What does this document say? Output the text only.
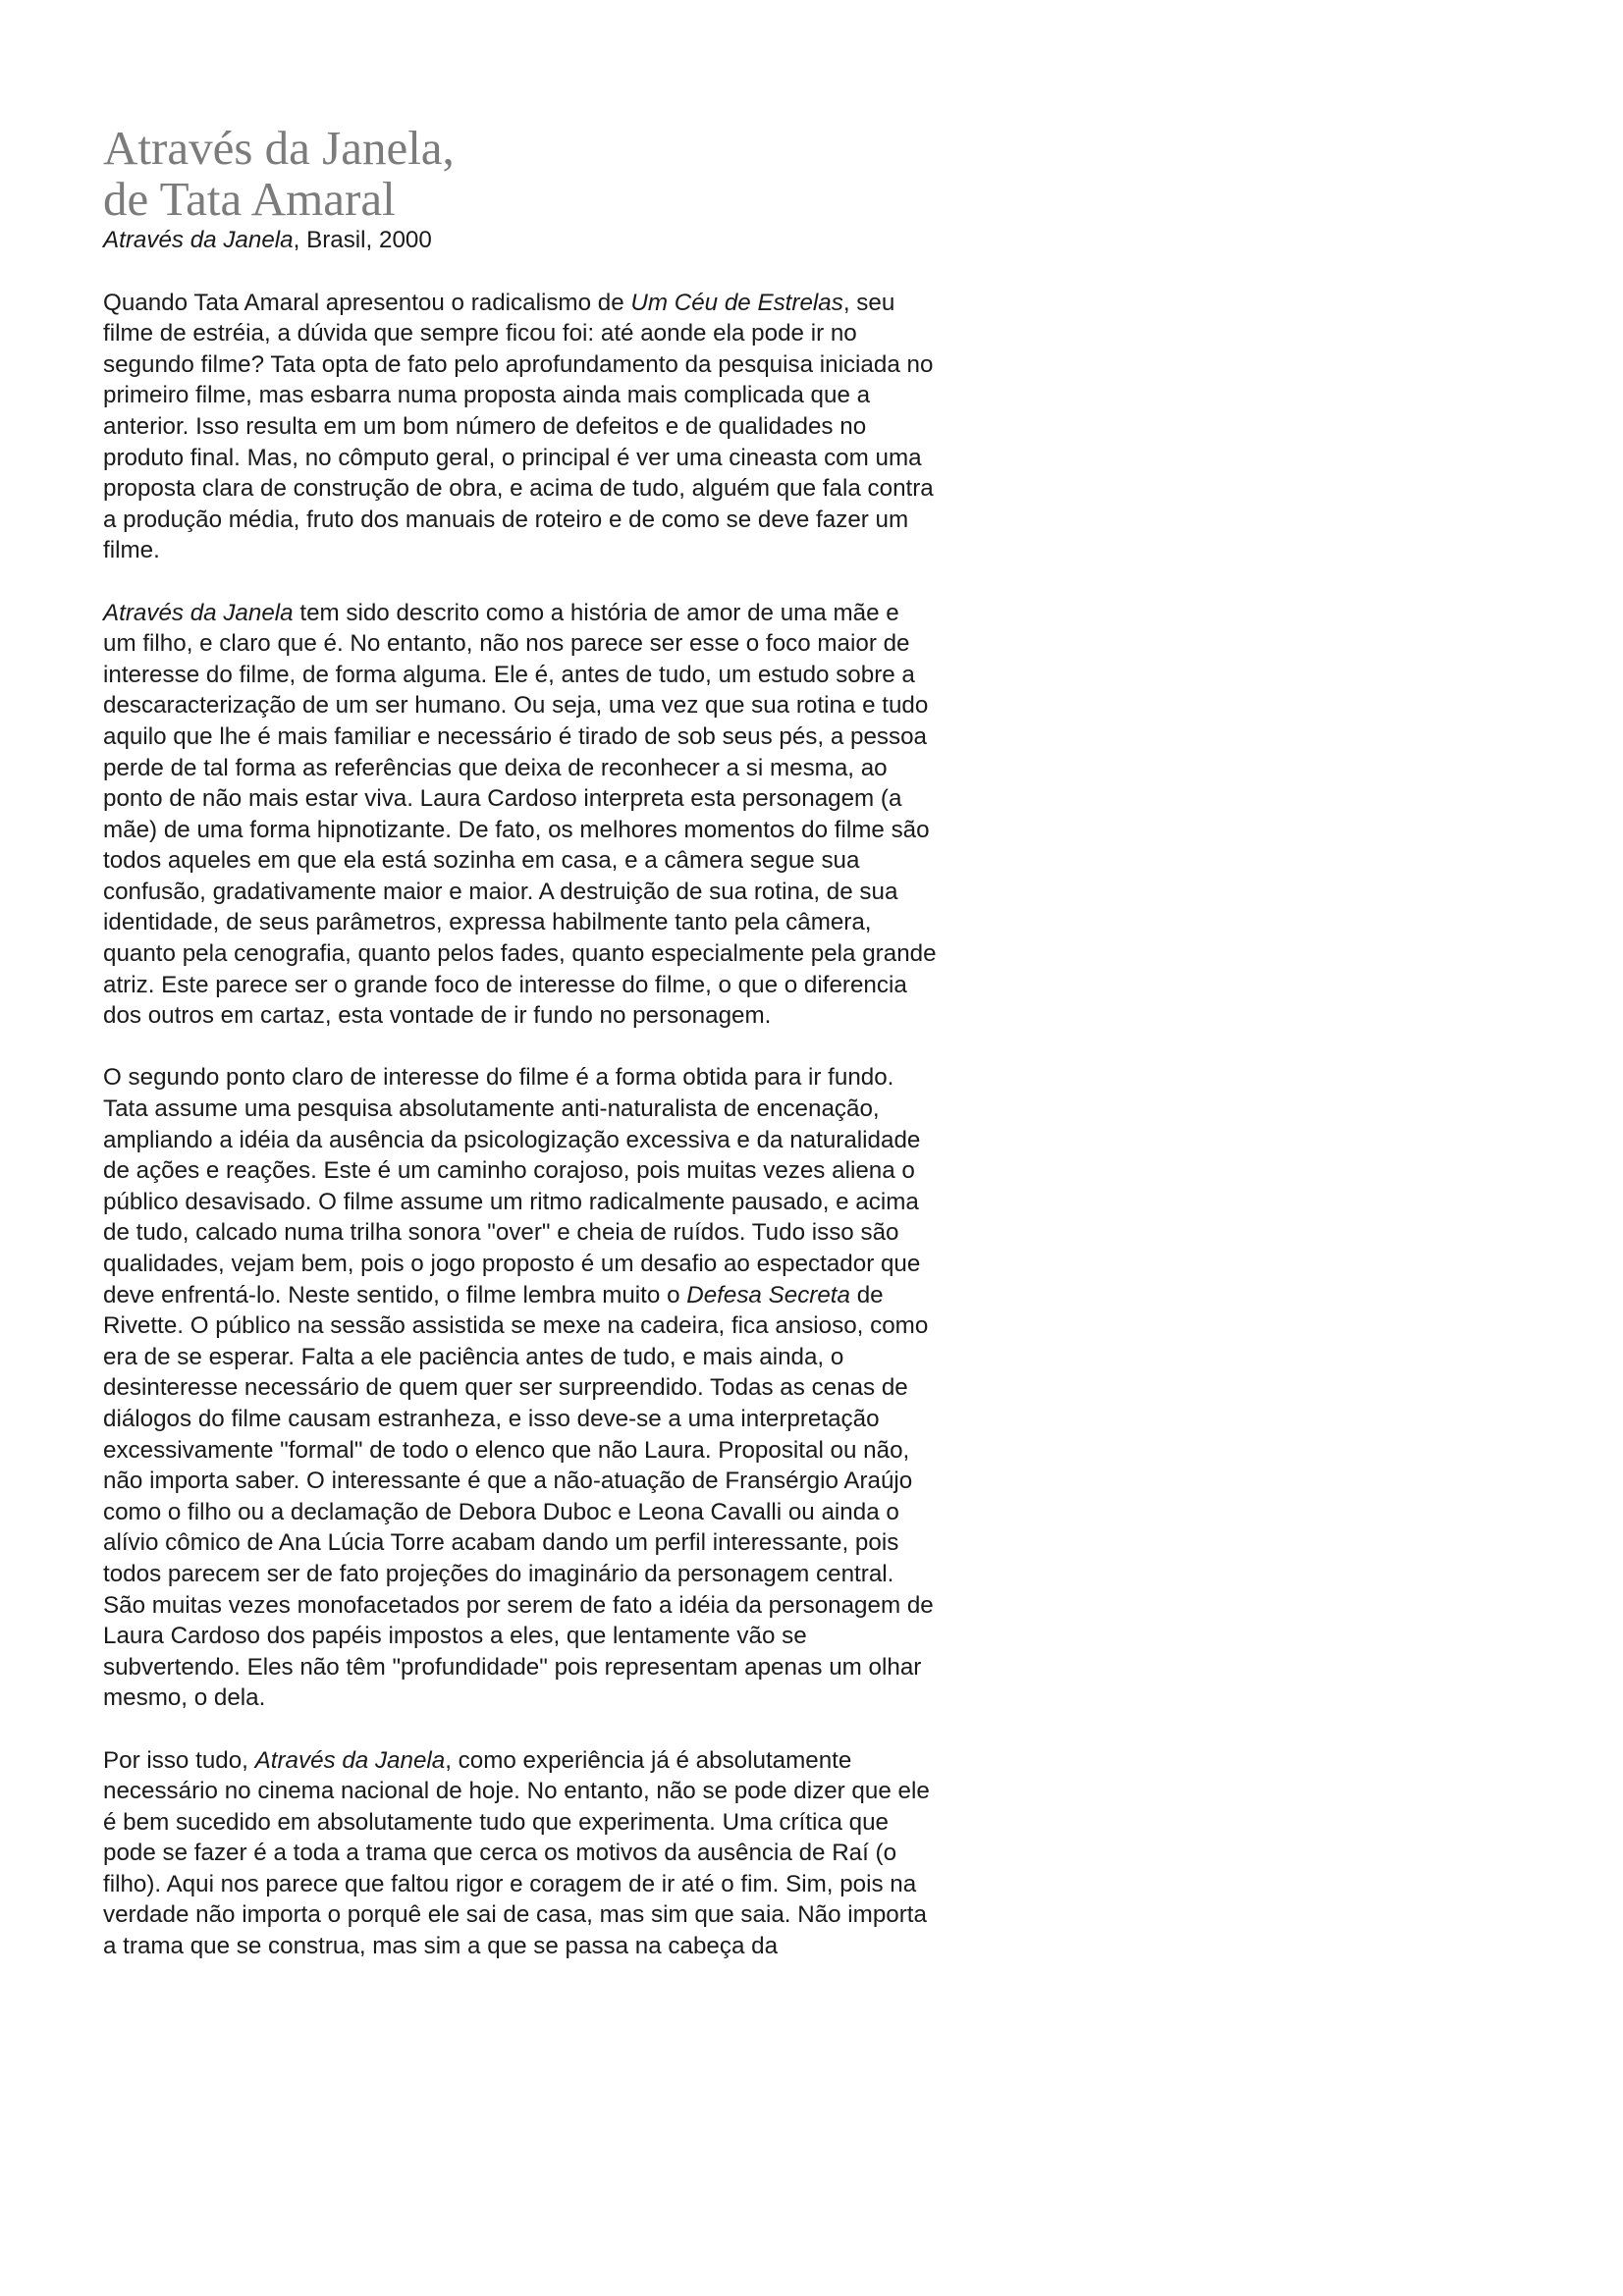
Através da Janela,
de Tata Amaral

Através da Janela, Brasil, 2000

Quando Tata Amaral apresentou o radicalismo de Um Céu de Estrelas, seu filme de estréia, a dúvida que sempre ficou foi: até aonde ela pode ir no segundo filme? Tata opta de fato pelo aprofundamento da pesquisa iniciada no primeiro filme, mas esbarra numa proposta ainda mais complicada que a anterior. Isso resulta em um bom número de defeitos e de qualidades no produto final. Mas, no cômputo geral, o principal é ver uma cineasta com uma proposta clara de construção de obra, e acima de tudo, alguém que fala contra a produção média, fruto dos manuais de roteiro e de como se deve fazer um filme.

Através da Janela tem sido descrito como a história de amor de uma mãe e um filho, e claro que é. No entanto, não nos parece ser esse o foco maior de interesse do filme, de forma alguma. Ele é, antes de tudo, um estudo sobre a descaracterização de um ser humano. Ou seja, uma vez que sua rotina e tudo aquilo que lhe é mais familiar e necessário é tirado de sob seus pés, a pessoa perde de tal forma as referências que deixa de reconhecer a si mesma, ao ponto de não mais estar viva. Laura Cardoso interpreta esta personagem (a mãe) de uma forma hipnotizante. De fato, os melhores momentos do filme são todos aqueles em que ela está sozinha em casa, e a câmera segue sua confusão, gradativamente maior e maior. A destruição de sua rotina, de sua identidade, de seus parâmetros, expressa habilmente tanto pela câmera, quanto pela cenografia, quanto pelos fades, quanto especialmente pela grande atriz. Este parece ser o grande foco de interesse do filme, o que o diferencia dos outros em cartaz, esta vontade de ir fundo no personagem.

O segundo ponto claro de interesse do filme é a forma obtida para ir fundo. Tata assume uma pesquisa absolutamente anti-naturalista de encenação, ampliando a idéia da ausência da psicologização excessiva e da naturalidade de ações e reações. Este é um caminho corajoso, pois muitas vezes aliena o público desavisado. O filme assume um ritmo radicalmente pausado, e acima de tudo, calcado numa trilha sonora "over" e cheia de ruídos. Tudo isso são qualidades, vejam bem, pois o jogo proposto é um desafio ao espectador que deve enfrentá-lo. Neste sentido, o filme lembra muito o Defesa Secreta de Rivette. O público na sessão assistida se mexe na cadeira, fica ansioso, como era de se esperar. Falta a ele paciência antes de tudo, e mais ainda, o desinteresse necessário de quem quer ser surpreendido. Todas as cenas de diálogos do filme causam estranheza, e isso deve-se a uma interpretação excessivamente "formal" de todo o elenco que não Laura. Proposital ou não, não importa saber. O interessante é que a não-atuação de Fransérgio Araújo como o filho ou a declamação de Debora Duboc e Leona Cavalli ou ainda o alívio cômico de Ana Lúcia Torre acabam dando um perfil interessante, pois todos parecem ser de fato projeções do imaginário da personagem central. São muitas vezes monofacetados por serem de fato a idéia da personagem de Laura Cardoso dos papéis impostos a eles, que lentamente vão se subvertendo. Eles não têm "profundidade" pois representam apenas um olhar mesmo, o dela.

Por isso tudo, Através da Janela, como experiência já é absolutamente necessário no cinema nacional de hoje. No entanto, não se pode dizer que ele é bem sucedido em absolutamente tudo que experimenta. Uma crítica que pode se fazer é a toda a trama que cerca os motivos da ausência de Raí (o filho). Aqui nos parece que faltou rigor e coragem de ir até o fim. Sim, pois na verdade não importa o porquê ele sai de casa, mas sim que saia. Não importa a trama que se construa, mas sim a que se passa na cabeça da
